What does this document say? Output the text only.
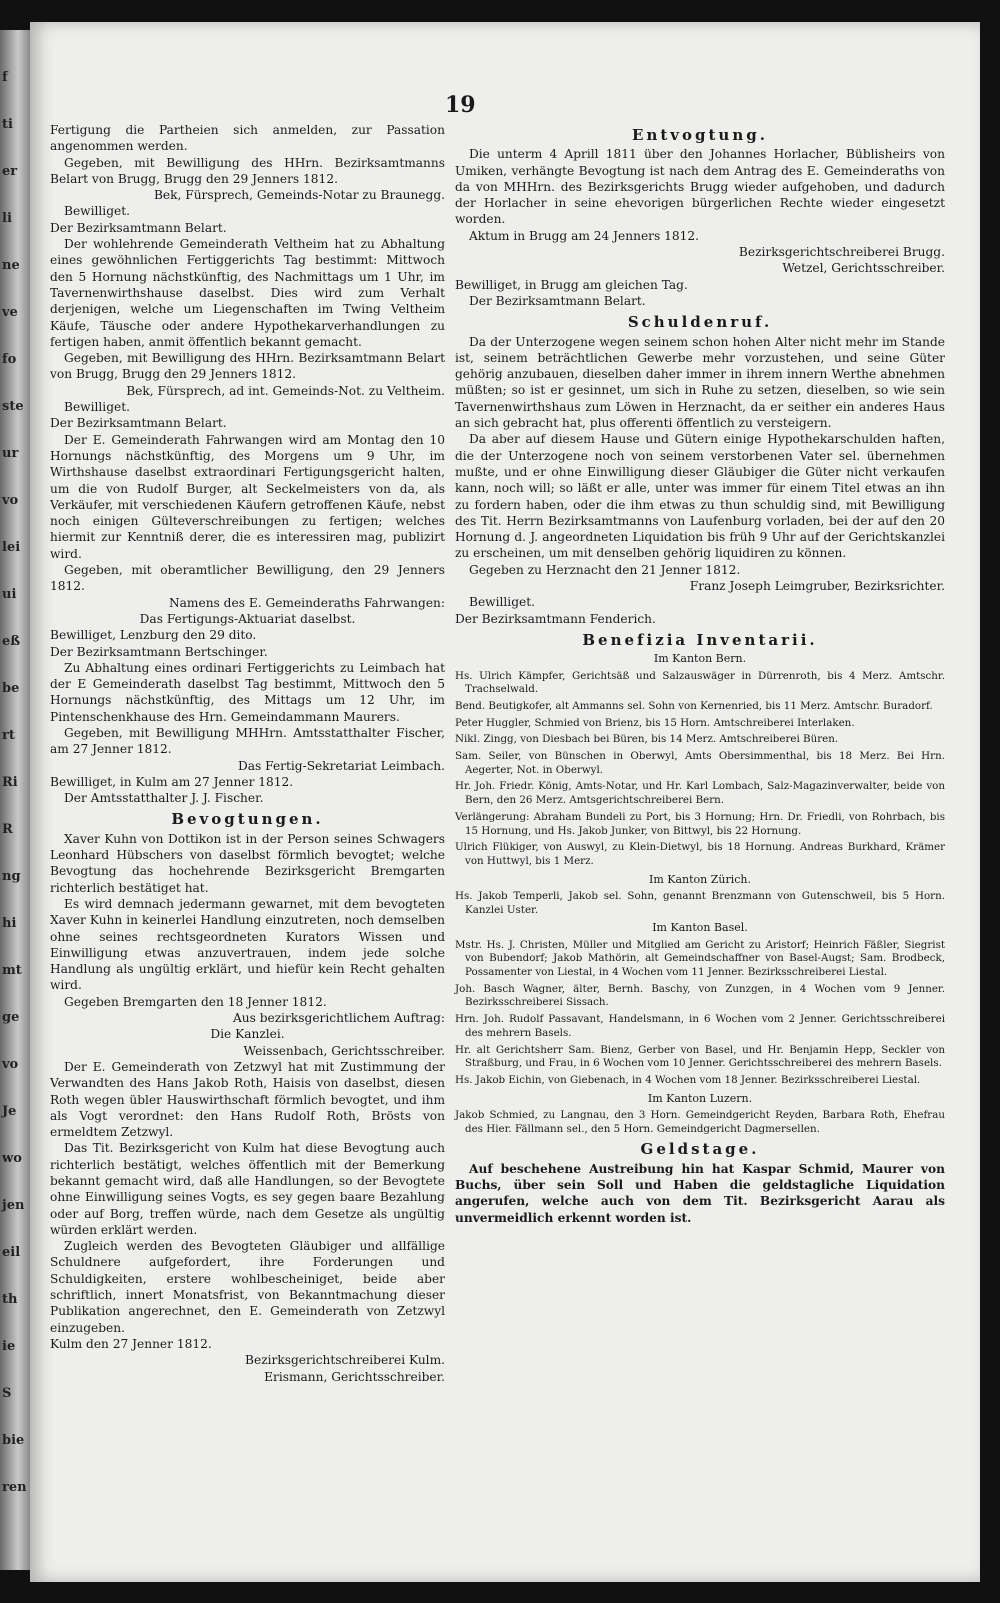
f
ti
er
li
ne
ve
fo
ste
ur
vo
lei
ui
eß
be
rt
Ri
R
ng
hi
mt
ge
vo
Je
wo
jen
eil
th
ie
S
bie
ren
19

Fertigung die Partheien sich anmelden, zur Passation angenommen werden.

Gegeben, mit Bewilligung des HHrn. Bezirksamtmanns Belart von Brugg, Brugg den 29 Jenners 1812.

Bek, Fürsprech, Gemeinds-Notar zu Braunegg.

Bewilliget.

Der Bezirksamtmann Belart.

Der wohlehrende Gemeinderath Veltheim hat zu Abhaltung eines gewöhnlichen Fertiggerichts Tag bestimmt: Mittwoch den 5 Hornung nächstkünftig, des Nachmittags um 1 Uhr, im Tavernenwirthshause daselbst. Dies wird zum Verhalt derjenigen, welche um Liegenschaften im Twing Veltheim Käufe, Täusche oder andere Hypothekarverhandlungen zu fertigen haben, anmit öffentlich bekannt gemacht.

Gegeben, mit Bewilligung des HHrn. Bezirksamtmann Belart von Brugg, Brugg den 29 Jenners 1812.

Bek, Fürsprech, ad int. Gemeinds-Not. zu Veltheim.

Bewilliget.

Der Bezirksamtmann Belart.

Der E. Gemeinderath Fahrwangen wird am Montag den 10 Hornungs nächstkünftig, des Morgens um 9 Uhr, im Wirthshause daselbst extraordinari Fertigungsgericht halten, um die von Rudolf Burger, alt Seckelmeisters von da, als Verkäufer, mit verschiedenen Käufern getroffenen Käufe, nebst noch einigen Gülteverschreibungen zu fertigen; welches hiermit zur Kenntniß derer, die es interessiren mag, publizirt wird.

Gegeben, mit oberamtlicher Bewilligung, den 29 Jenners 1812.

Namens des E. Gemeinderaths Fahrwangen:

Das Fertigungs-Aktuariat daselbst.

Bewilliget, Lenzburg den 29 dito.

Der Bezirksamtmann Bertschinger.

Zu Abhaltung eines ordinari Fertiggerichts zu Leimbach hat der E Gemeinderath daselbst Tag bestimmt, Mittwoch den 5 Hornungs nächstkünftig, des Mittags um 12 Uhr, im Pintenschenkhause des Hrn. Gemeindammann Maurers.

Gegeben, mit Bewilligung MHHrn. Amtsstatthalter Fischer, am 27 Jenner 1812.

Das Fertig-Sekretariat Leimbach.

Bewilliget, in Kulm am 27 Jenner 1812.

Der Amtsstatthalter J. J. Fischer.

Bevogtungen.

Xaver Kuhn von Dottikon ist in der Person seines Schwagers Leonhard Hübschers von daselbst förmlich bevogtet; welche Bevogtung das hochehrende Bezirksgericht Bremgarten richterlich bestätiget hat.

Es wird demnach jedermann gewarnet, mit dem bevogteten Xaver Kuhn in keinerlei Handlung einzutreten, noch demselben ohne seines rechtsgeordneten Kurators Wissen und Einwilligung etwas anzuvertrauen, indem jede solche Handlung als ungültig erklärt, und hiefür kein Recht gehalten wird.

Gegeben Bremgarten den 18 Jenner 1812.

Aus bezirksgerichtlichem Auftrag:

Die Kanzlei.

Weissenbach, Gerichtsschreiber.

Der E. Gemeinderath von Zetzwyl hat mit Zustimmung der Verwandten des Hans Jakob Roth, Haisis von daselbst, diesen Roth wegen übler Hauswirthschaft förmlich bevogtet, und ihm als Vogt verordnet: den Hans Rudolf Roth, Brösts von ermeldtem Zetzwyl.

Das Tit. Bezirksgericht von Kulm hat diese Bevogtung auch richterlich bestätigt, welches öffentlich mit der Bemerkung bekannt gemacht wird, daß alle Handlungen, so der Bevogtete ohne Einwilligung seines Vogts, es sey gegen baare Bezahlung oder auf Borg, treffen würde, nach dem Gesetze als ungültig würden erklärt werden.

Zugleich werden des Bevogteten Gläubiger und allfällige Schuldnere aufgefordert, ihre Forderungen und Schuldigkeiten, erstere wohlbescheiniget, beide aber schriftlich, innert Monatsfrist, von Bekanntmachung dieser Publikation angerechnet, den E. Gemeinderath von Zetzwyl einzugeben.

Kulm den 27 Jenner 1812.

Bezirksgerichtschreiberei Kulm.

Erismann, Gerichtsschreiber.

Entvogtung.

Die unterm 4 Aprill 1811 über den Johannes Horlacher, Büblisheirs von Umiken, verhängte Bevogtung ist nach dem Antrag des E. Gemeinderaths von da von MHHrn. des Bezirksgerichts Brugg wieder aufgehoben, und dadurch der Horlacher in seine ehevorigen bürgerlichen Rechte wieder eingesetzt worden.

Aktum in Brugg am 24 Jenners 1812.

Bezirksgerichtschreiberei Brugg.

Wetzel, Gerichtsschreiber.

Bewilliget, in Brugg am gleichen Tag.

Der Bezirksamtmann Belart.

Schuldenruf.

Da der Unterzogene wegen seinem schon hohen Alter nicht mehr im Stande ist, seinem beträchtlichen Gewerbe mehr vorzustehen, und seine Güter gehörig anzubauen, dieselben daher immer in ihrem innern Werthe abnehmen müßten; so ist er gesinnet, um sich in Ruhe zu setzen, dieselben, so wie sein Tavernenwirthshaus zum Löwen in Herznacht, da er seither ein anderes Haus an sich gebracht hat, plus offerenti öffentlich zu versteigern.

Da aber auf diesem Hause und Gütern einige Hypothekarschulden haften, die der Unterzogene noch von seinem verstorbenen Vater sel. übernehmen mußte, und er ohne Einwilligung dieser Gläubiger die Güter nicht verkaufen kann, noch will; so läßt er alle, unter was immer für einem Titel etwas an ihn zu fordern haben, oder die ihm etwas zu thun schuldig sind, mit Bewilligung des Tit. Herrn Bezirksamtmanns von Laufenburg vorladen, bei der auf den 20 Hornung d. J. angeordneten Liquidation bis früh 9 Uhr auf der Gerichtskanzlei zu erscheinen, um mit denselben gehörig liquidiren zu können.

Gegeben zu Herznacht den 21 Jenner 1812.

Franz Joseph Leimgruber, Bezirksrichter.

Bewilliget.

Der Bezirksamtmann Fenderich.

Benefizia Inventarii.

Im Kanton Bern.

Hs. Ulrich Kämpfer, Gerichtsäß und Salzauswäger in Dürrenroth, bis 4 Merz. Amtschr. Trachselwald.

Bend. Beutigkofer, alt Ammanns sel. Sohn von Kernenried, bis 11 Merz. Amtschr. Buradorf.

Peter Huggler, Schmied von Brienz, bis 15 Horn. Amtschreiberei Interlaken.

Nikl. Zingg, von Diesbach bei Büren, bis 14 Merz. Amtschreiberei Büren.

Sam. Seiler, von Bünschen in Oberwyl, Amts Obersimmenthal, bis 18 Merz. Bei Hrn. Aegerter, Not. in Oberwyl.

Hr. Joh. Friedr. König, Amts-Notar, und Hr. Karl Lombach, Salz-Magazinverwalter, beide von Bern, den 26 Merz. Amtsgerichtschreiberei Bern.

Verlängerung: Abraham Bundeli zu Port, bis 3 Hornung; Hrn. Dr. Friedli, von Rohrbach, bis 15 Hornung, und Hs. Jakob Junker, von Bittwyl, bis 22 Hornung.

Ulrich Flükiger, von Auswyl, zu Klein-Dietwyl, bis 18 Hornung. Andreas Burkhard, Krämer von Huttwyl, bis 1 Merz.

Im Kanton Zürich.

Hs. Jakob Temperli, Jakob sel. Sohn, genannt Brenzmann von Gutenschweil, bis 5 Horn. Kanzlei Uster.

Im Kanton Basel.

Mstr. Hs. J. Christen, Müller und Mitglied am Gericht zu Aristorf; Heinrich Fäßler, Siegrist von Bubendorf; Jakob Mathörin, alt Gemeindschaffner von Basel-Augst; Sam. Brodbeck, Possamenter von Liestal, in 4 Wochen vom 11 Jenner. Bezirksschreiberei Liestal.

Joh. Basch Wagner, älter, Bernh. Baschy, von Zunzgen, in 4 Wochen vom 9 Jenner. Bezirksschreiberei Sissach.

Hrn. Joh. Rudolf Passavant, Handelsmann, in 6 Wochen vom 2 Jenner. Gerichtsschreiberei des mehrern Basels.

Hr. alt Gerichtsherr Sam. Bienz, Gerber von Basel, und Hr. Benjamin Hepp, Seckler von Straßburg, und Frau, in 6 Wochen vom 10 Jenner. Gerichtsschreiberei des mehrern Basels.

Hs. Jakob Eichin, von Giebenach, in 4 Wochen vom 18 Jenner. Bezirksschreiberei Liestal.

Im Kanton Luzern.

Jakob Schmied, zu Langnau, den 3 Horn. Gemeindgericht Reyden, Barbara Roth, Ehefrau des Hier. Fällmann sel., den 5 Horn. Gemeindgericht Dagmersellen.

Geldstage.

Auf beschehene Austreibung hin hat Kaspar Schmid, Maurer von Buchs, über sein Soll und Haben die geldstagliche Liquidation angerufen, welche auch von dem Tit. Bezirksgericht Aarau als unvermeidlich erkennt worden ist.
